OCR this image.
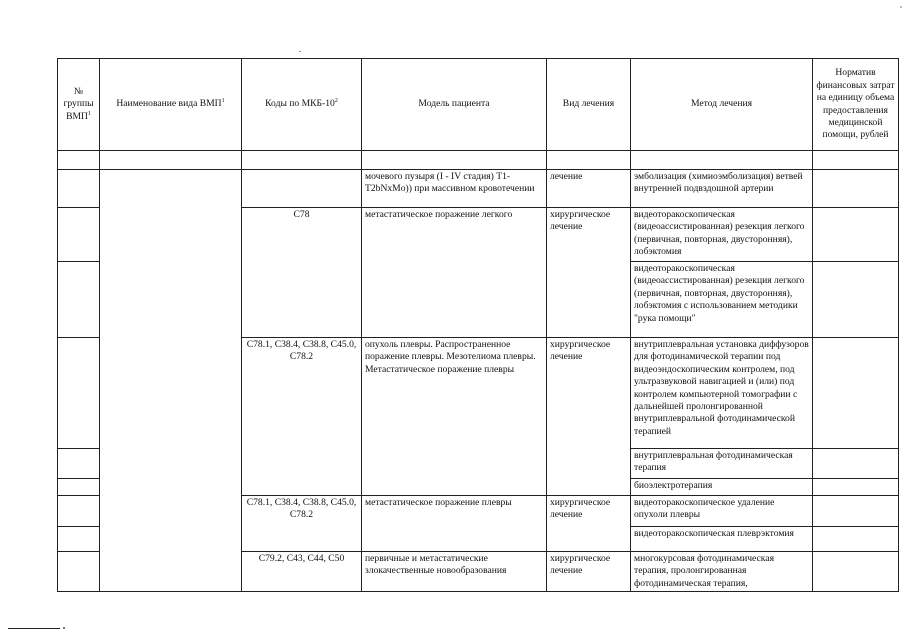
№
группы
ВМП$^1$	Наименование вида ВМП$^1$	Коды по МКБ-$10^2$	Модель пациента	Вид лечения	Метод лечения	Норматив финансовых затрат на единицу объема предоставления медицинской помощи, рублей

			мочевого пузыря (I - IV стадия) T1-T2bNxMo)) при массивном кровотечении	лечение	эмболизация (химиоэмболизация) ветвей внутренней подвздошной артерии	
		C78	метастатическое поражение легкого	хирургическое лечение	видеоторакоскопическая (видеоассистированная) резекция легкого (первичная, повторная, двусторонняя), лобэктомия	
					видеоторакоскопическая (видеоассистированная) резекция легкого (первичная, повторная, двусторонняя), лобэктомия с использованием методики "рука помощи"	
		C78.1, C38.4, C38.8, C45.0, C78.2	опухоль плевры. Распространенное поражение плевры. Мезотелиома плевры. Метастатическое поражение плевры	хирургическое лечение	внутриплевральная установка диффузоров для фотодинамической терапии под видеоэндоскопическим контролем, под ультразвуковой навигацией и (или) под контролем компьютерной томографии с дальнейшей пролонгированной внутриплевральной фотодинамической терапией	
					внутриплевральная фотодинамическая терапия	
					биоэлектротерапия	
		C78.1, C38.4, C38.8, C45.0, C78.2	метастатическое поражение плевры	хирургическое лечение	видеоторакоскопическое удаление опухоли плевры	
					видеоторакоскопическая плеврэктомия	
		C79.2, C43, C44, C50	первичные и метастатические злокачественные новообразования	хирургическое лечение	многокурсовая фотодинамическая терапия, пролонгированная фотодинамическая терапия,	
